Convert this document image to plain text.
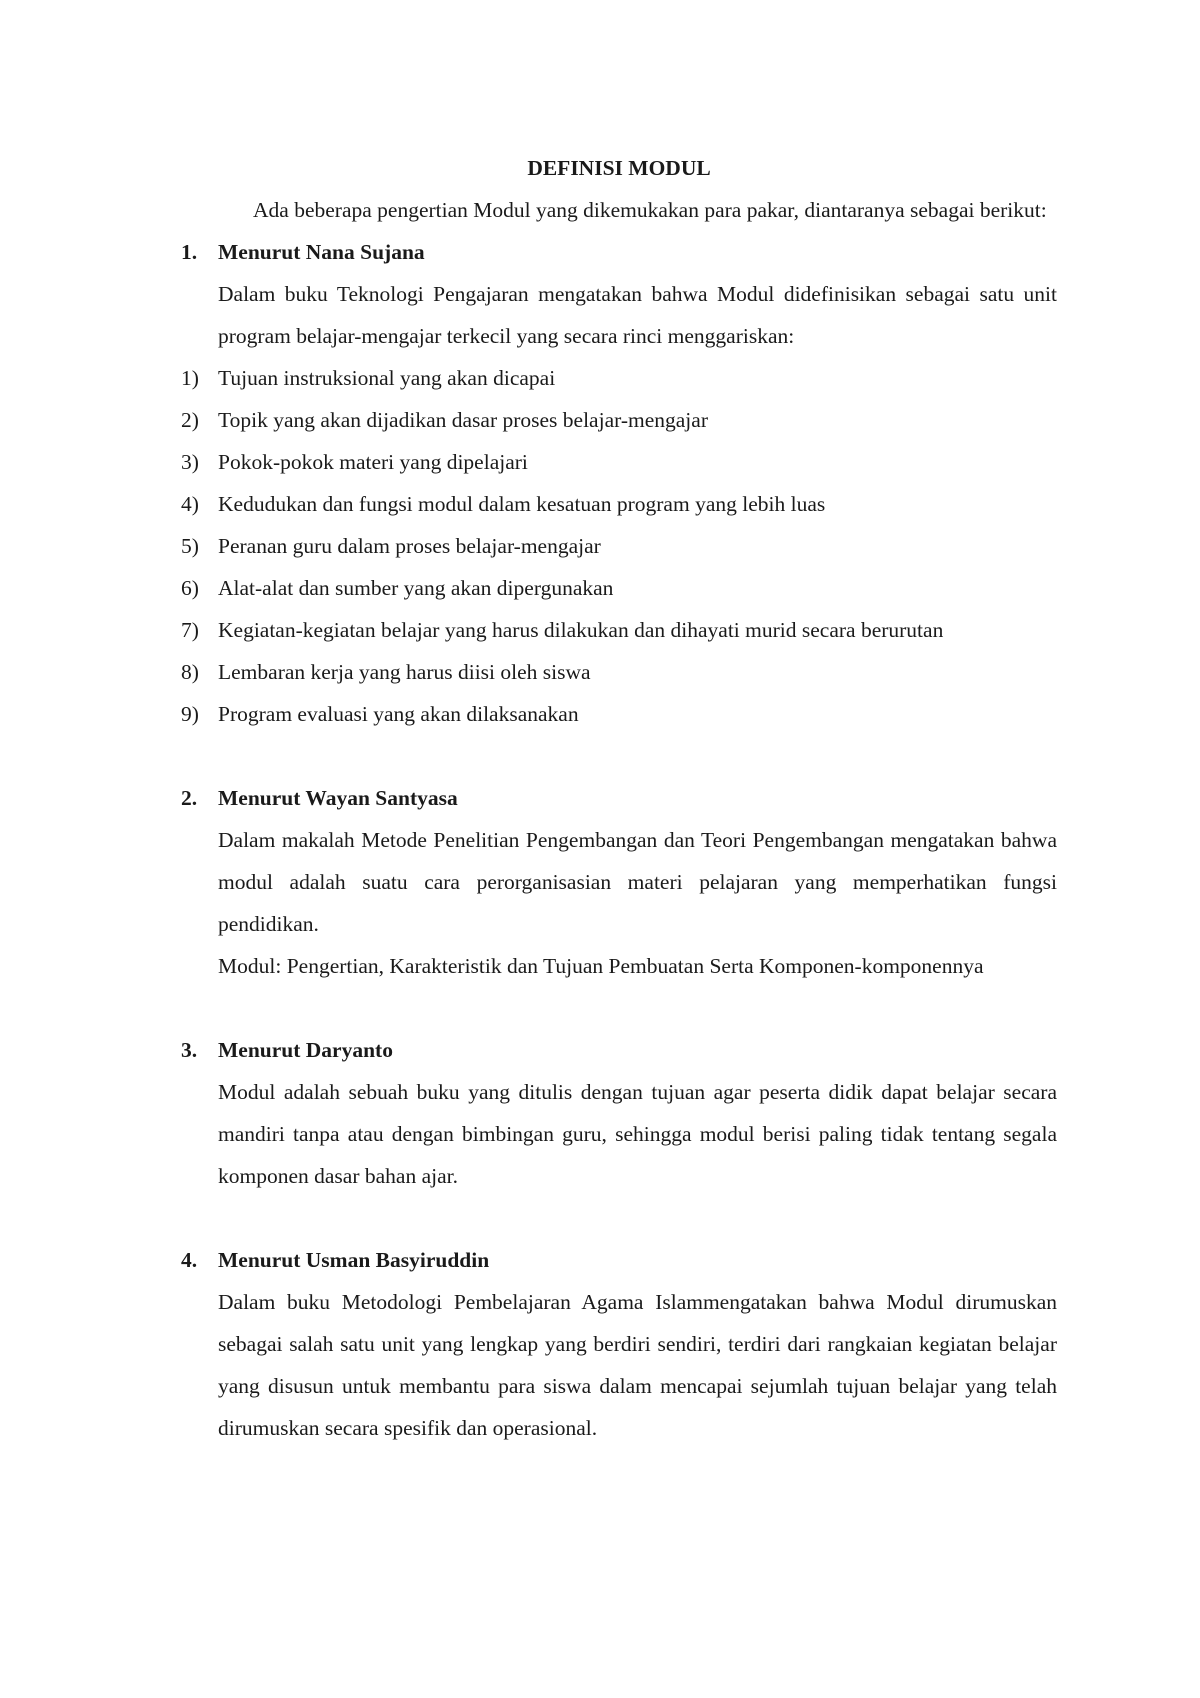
DEFINISI MODUL

Ada beberapa pengertian Modul yang dikemukakan para pakar, diantaranya sebagai berikut:

1. Menurut Nana Sujana

Dalam buku Teknologi Pengajaran mengatakan bahwa Modul didefinisikan sebagai satu unit program belajar-mengajar terkecil yang secara rinci menggariskan:

1) Tujuan instruksional yang akan dicapai
2) Topik yang akan dijadikan dasar proses belajar-mengajar
3) Pokok-pokok materi yang dipelajari
4) Kedudukan dan fungsi modul dalam kesatuan program yang lebih luas
5) Peranan guru dalam proses belajar-mengajar
6) Alat-alat dan sumber yang akan dipergunakan
7) Kegiatan-kegiatan belajar yang harus dilakukan dan dihayati murid secara berurutan
8) Lembaran kerja yang harus diisi oleh siswa
9) Program evaluasi yang akan dilaksanakan

2. Menurut Wayan Santyasa

Dalam makalah Metode Penelitian Pengembangan dan Teori Pengembangan mengatakan bahwa modul adalah suatu cara perorganisasian materi pelajaran yang memperhatikan fungsi pendidikan.

Modul: Pengertian, Karakteristik dan Tujuan Pembuatan Serta Komponen-komponennya

3. Menurut Daryanto

Modul adalah sebuah buku yang ditulis dengan tujuan agar peserta didik dapat belajar secara mandiri tanpa atau dengan bimbingan guru, sehingga modul berisi paling tidak tentang segala komponen dasar bahan ajar.

4. Menurut Usman Basyiruddin

Dalam buku Metodologi Pembelajaran Agama Islammengatakan bahwa Modul dirumuskan sebagai salah satu unit yang lengkap yang berdiri sendiri, terdiri dari rangkaian kegiatan belajar yang disusun untuk membantu para siswa dalam mencapai sejumlah tujuan belajar yang telah dirumuskan secara spesifik dan operasional.
